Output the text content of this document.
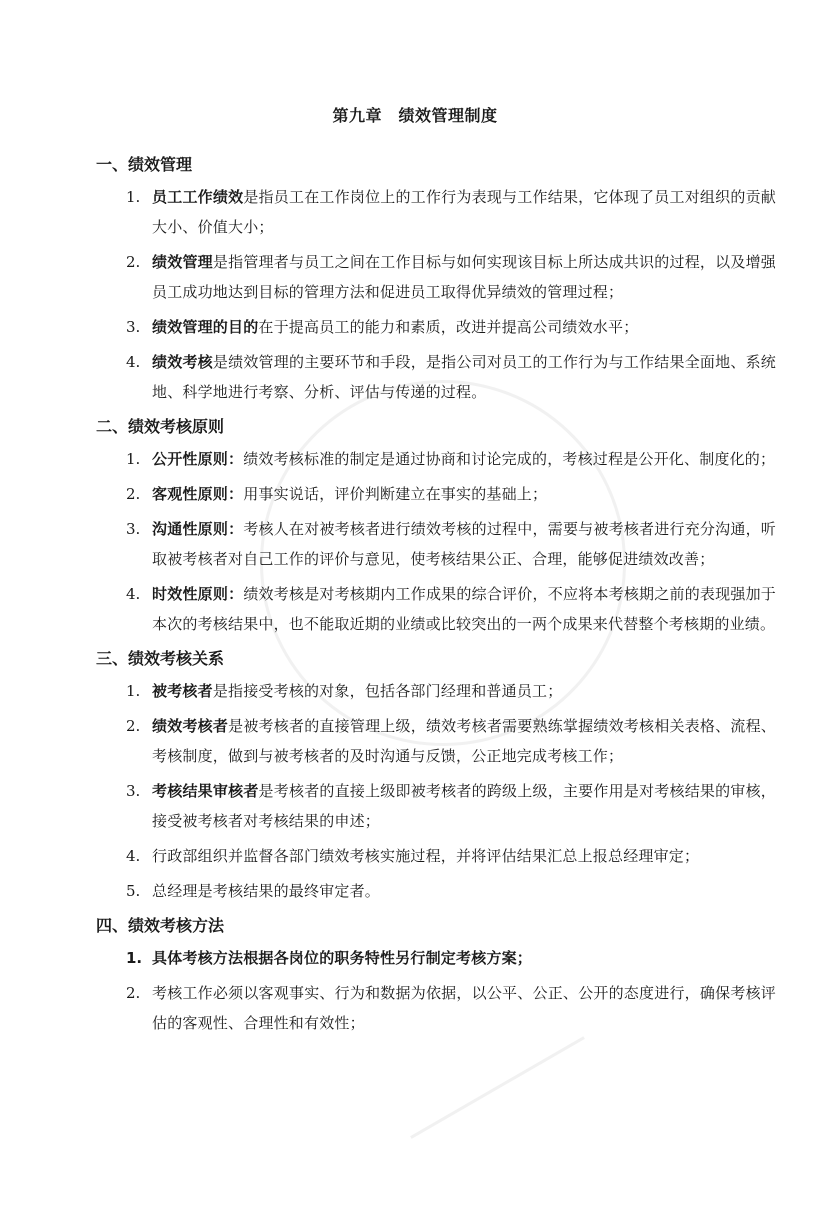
第九章　绩效管理制度
一、绩效管理
1. 员工工作绩效是指员工在工作岗位上的工作行为表现与工作结果，它体现了员工对组织的贡献大小、价值大小；
2. 绩效管理是指管理者与员工之间在工作目标与如何实现该目标上所达成共识的过程，以及增强员工成功地达到目标的管理方法和促进员工取得优异绩效的管理过程；
3. 绩效管理的目的在于提高员工的能力和素质，改进并提高公司绩效水平；
4. 绩效考核是绩效管理的主要环节和手段，是指公司对员工的工作行为与工作结果全面地、系统地、科学地进行考察、分析、评估与传递的过程。
二、绩效考核原则
1. 公开性原则：绩效考核标准的制定是通过协商和讨论完成的，考核过程是公开化、制度化的；
2. 客观性原则：用事实说话，评价判断建立在事实的基础上；
3. 沟通性原则：考核人在对被考核者进行绩效考核的过程中，需要与被考核者进行充分沟通，听取被考核者对自己工作的评价与意见，使考核结果公正、合理，能够促进绩效改善；
4. 时效性原则：绩效考核是对考核期内工作成果的综合评价，不应将本考核期之前的表现强加于本次的考核结果中，也不能取近期的业绩或比较突出的一两个成果来代替整个考核期的业绩。
三、绩效考核关系
1. 被考核者是指接受考核的对象，包括各部门经理和普通员工；
2. 绩效考核者是被考核者的直接管理上级，绩效考核者需要熟练掌握绩效考核相关表格、流程、考核制度，做到与被考核者的及时沟通与反馈，公正地完成考核工作；
3. 考核结果审核者是考核者的直接上级即被考核者的跨级上级，主要作用是对考核结果的审核，接受被考核者对考核结果的申述；
4. 行政部组织并监督各部门绩效考核实施过程，并将评估结果汇总上报总经理审定；
5. 总经理是考核结果的最终审定者。
四、绩效考核方法
1. 具体考核方法根据各岗位的职务特性另行制定考核方案；
2. 考核工作必须以客观事实、行为和数据为依据，以公平、公正、公开的态度进行，确保考核评估的客观性、合理性和有效性；
